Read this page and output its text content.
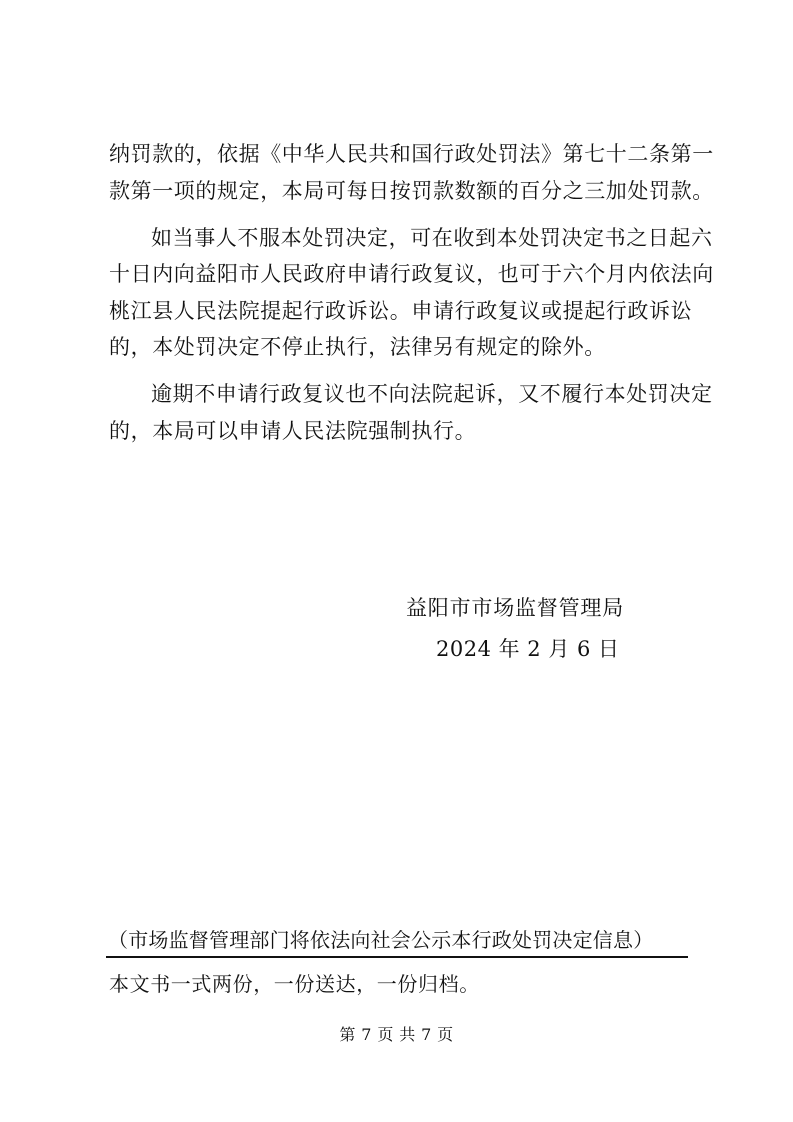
纳罚款的，依据《中华人民共和国行政处罚法》第七十二条第一
款第一项的规定，本局可每日按罚款数额的百分之三加处罚款。
如当事人不服本处罚决定，可在收到本处罚决定书之日起六
十日内向益阳市人民政府申请行政复议，也可于六个月内依法向
桃江县人民法院提起行政诉讼。申请行政复议或提起行政诉讼
的，本处罚决定不停止执行，法律另有规定的除外。
逾期不申请行政复议也不向法院起诉，又不履行本处罚决定
的，本局可以申请人民法院强制执行。
益阳市市场监督管理局
2024 年 2 月 6 日
（市场监督管理部门将依法向社会公示本行政处罚决定信息）
本文书一式两份，一份送达，一份归档。
第 7 页 共 7 页
